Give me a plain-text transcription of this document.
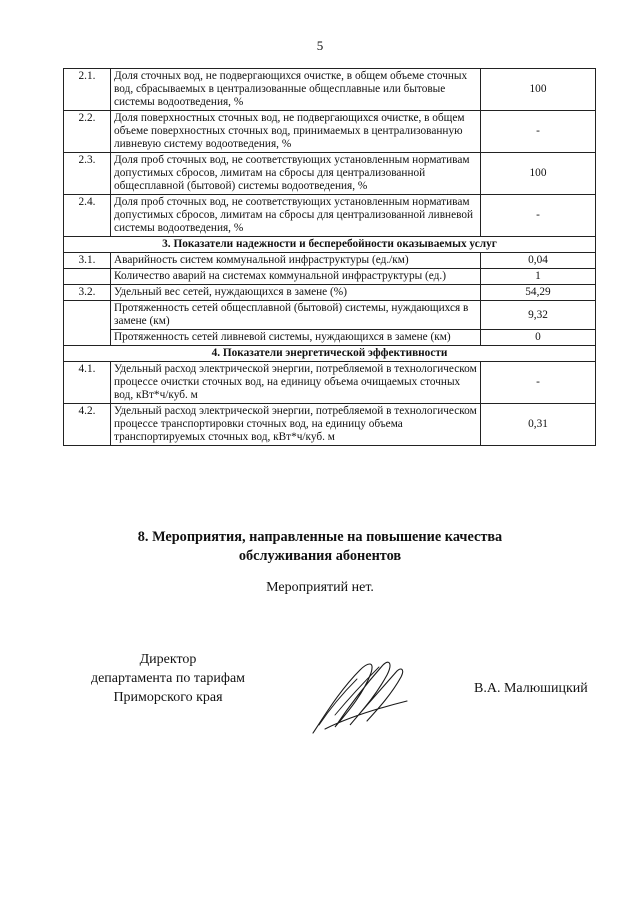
5
2.1.	Доля сточных вод, не подвергающихся очистке, в общем объеме сточных вод, сбрасываемых в централизованные общесплавные или бытовые системы водоотведения, %	100
2.2.	Доля поверхностных сточных вод, не подвергающихся очистке, в общем объеме поверхностных сточных вод, принимаемых в централизованную ливневую систему водоотведения, %	-
2.3.	Доля проб сточных вод, не соответствующих установленным нормативам допустимых сбросов, лимитам на сбросы для централизованной общесплавной (бытовой) системы водоотведения, %	100
2.4.	Доля проб сточных вод, не соответствующих установленным нормативам допустимых сбросов, лимитам на сбросы для централизованной ливневой системы водоотведения, %	-
3. Показатели надежности и бесперебойности оказываемых услуг		
3.1.	Аварийность систем коммунальной инфраструктуры (ед./км)	0,04
	Количество аварий на системах коммунальной инфраструктуры (ед.)	1
3.2.	Удельный вес сетей, нуждающихся в замене (%)	54,29
	Протяженность сетей общесплавной (бытовой) системы, нуждающихся в замене (км)	9,32
	Протяженность сетей ливневой системы, нуждающихся в замене (км)	0
4. Показатели энергетической эффективности		
4.1.	Удельный расход электрической энергии, потребляемой в технологическом процессе очистки сточных вод, на единицу объема очищаемых сточных вод, кВт*ч/куб. м	-
4.2.	Удельный расход электрической энергии, потребляемой в технологическом процессе транспортировки сточных вод, на единицу объема транспортируемых сточных вод, кВт*ч/куб. м	0,31
8. Мероприятия, направленные на повышение качества
обслуживания абонентов
Мероприятий нет.
Директор
департамента по тарифам
Приморского края
В.А. Малюшицкий
